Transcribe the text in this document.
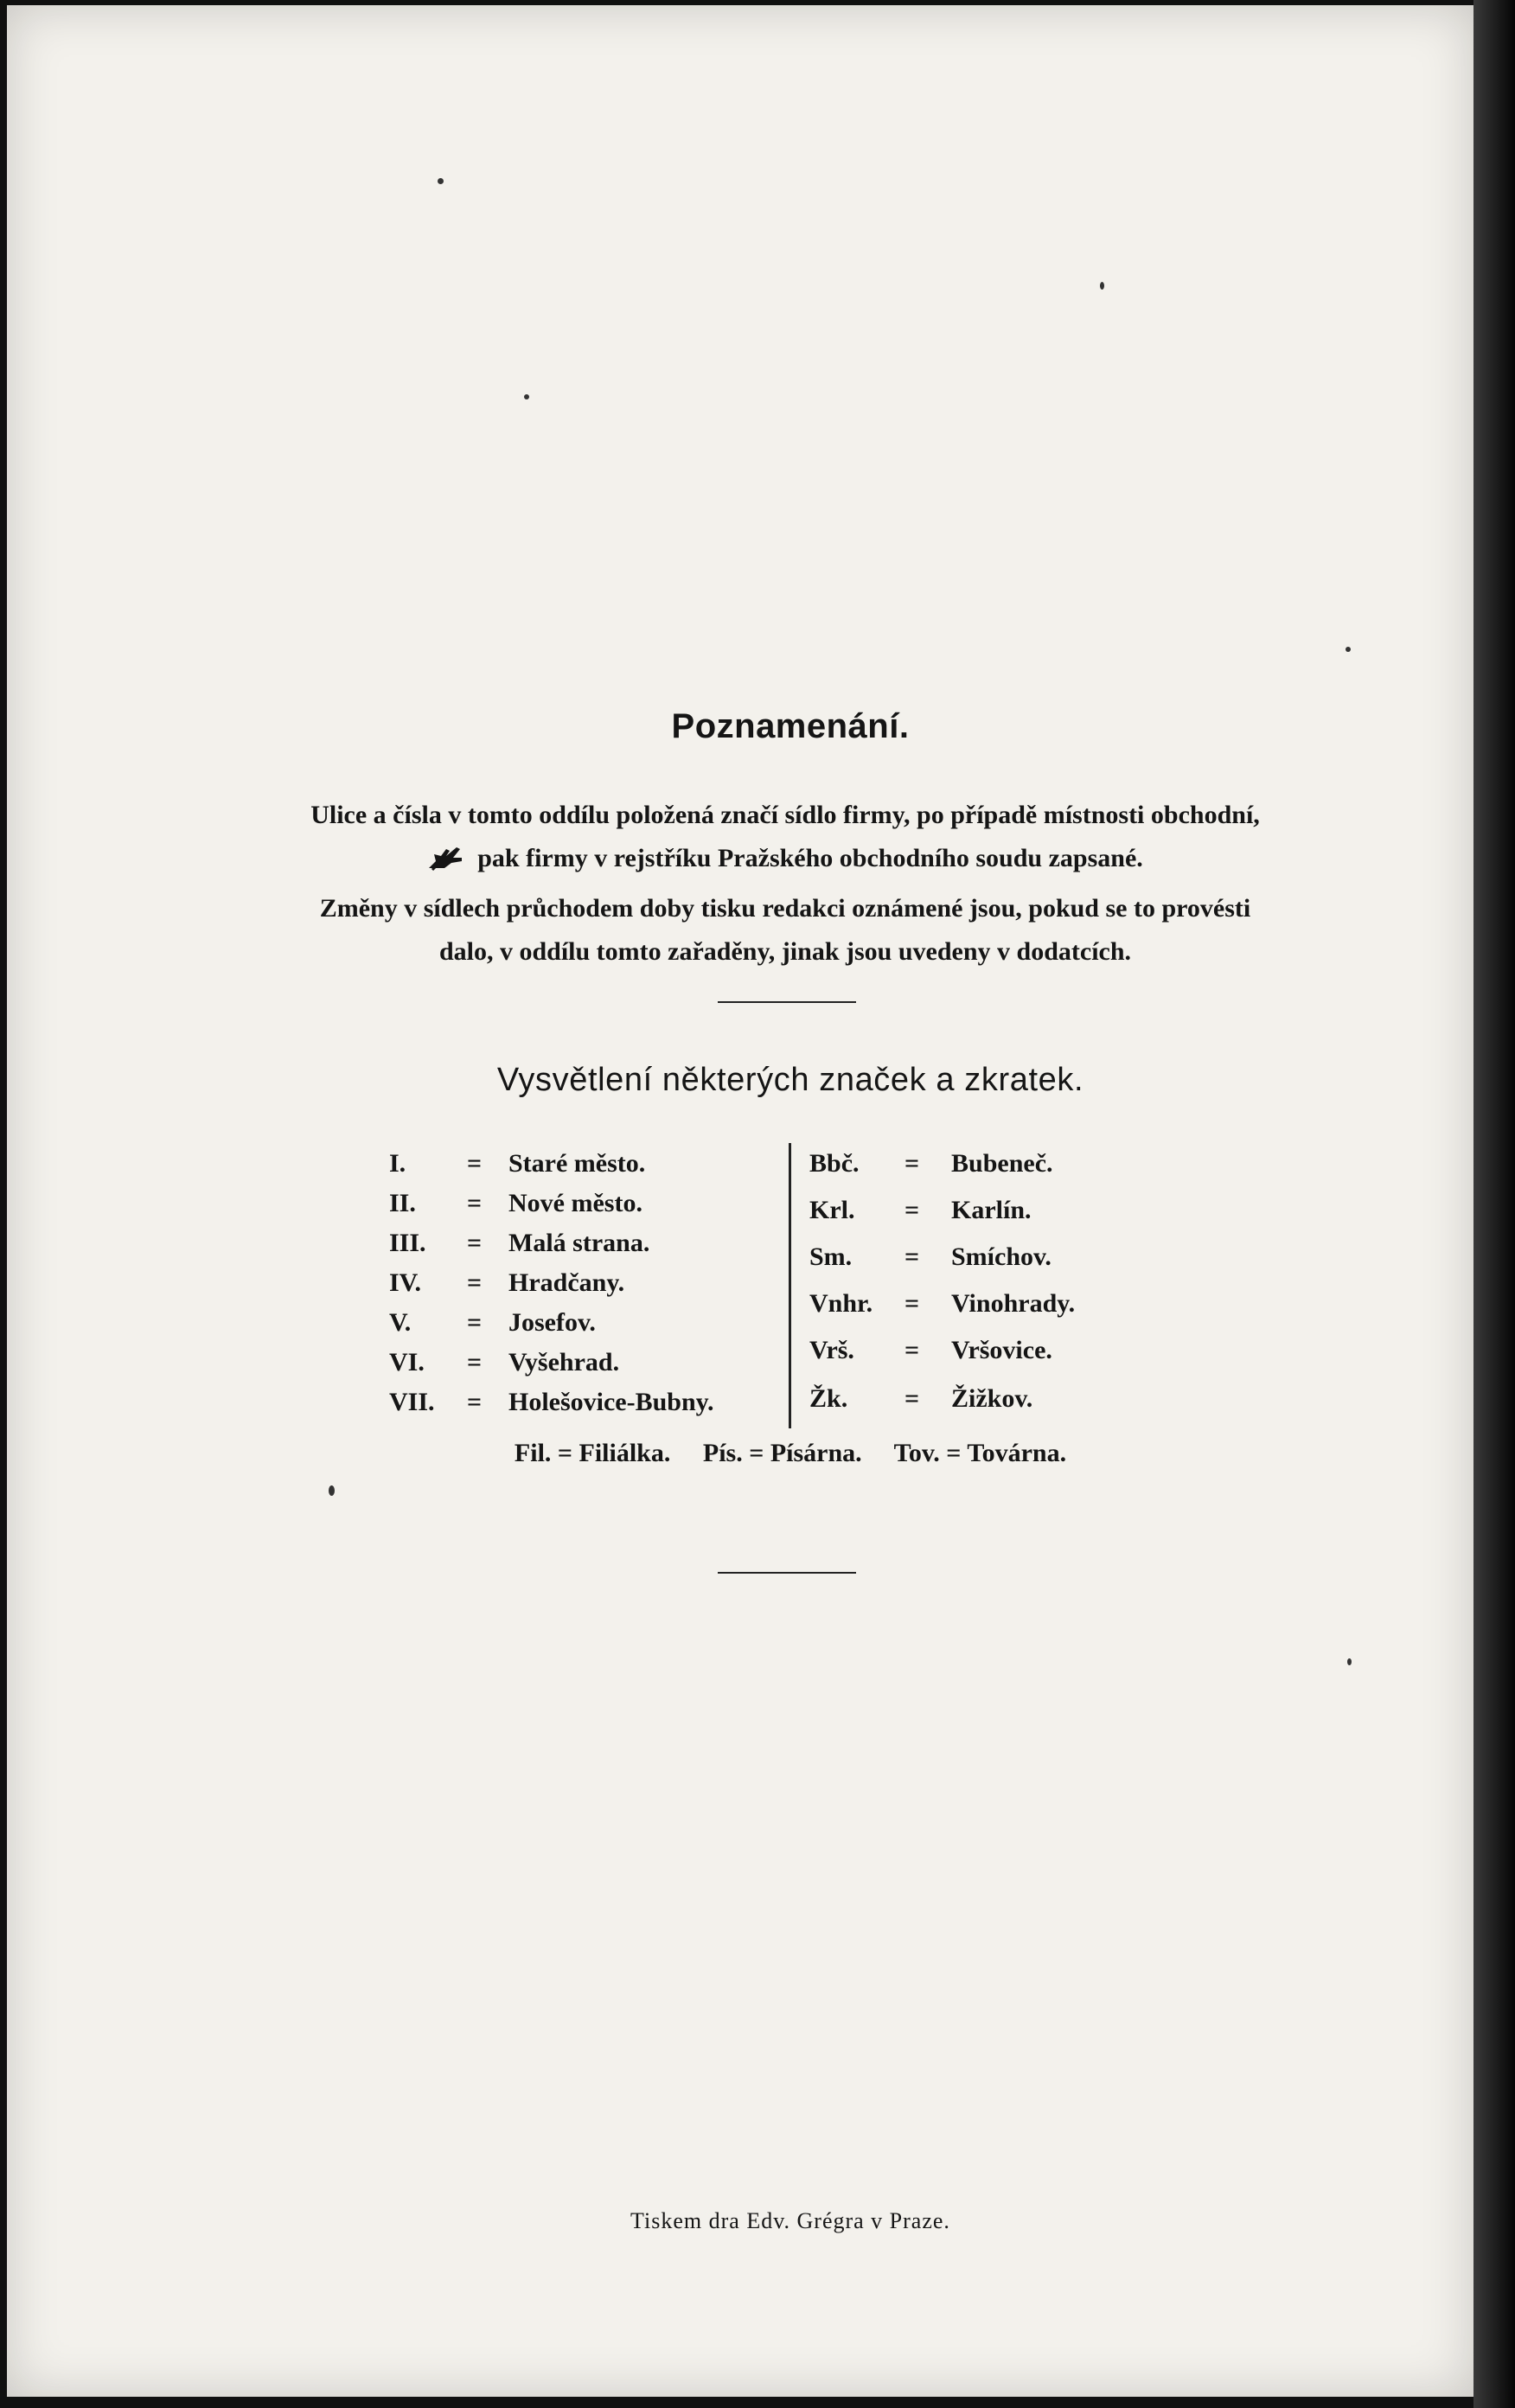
Poznamenání.

Ulice a čísla v tomto oddílu položená značí sídlo firmy, po případě místnosti obchodní,
pak firmy v rejstříku Pražského obchodního soudu zapsané.

Změny v sídlech průchodem doby tisku redakci oznámené jsou, pokud se to provésti
dalo, v oddílu tomto zařaděny, jinak jsou uvedeny v dodatcích.

Vysvětlení některých značek a zkratek.
I. = Staré město.
II. = Nové město.
III. = Malá strana.
IV. = Hradčany.
V. = Josefov.
VI. = Vyšehrad.
VII. = Holešovice-Bubny.
Bbč. = Bubeneč.
Krl. = Karlín.
Sm. = Smíchov.
Vnhr. = Vinohrady.
Vrš. = Vršovice.
Žk. = Žižkov.
Fil. = Filiálka. Pís. = Písárna. Tov. = Továrna.
Tiskem dra Edv. Grégra v Praze.
